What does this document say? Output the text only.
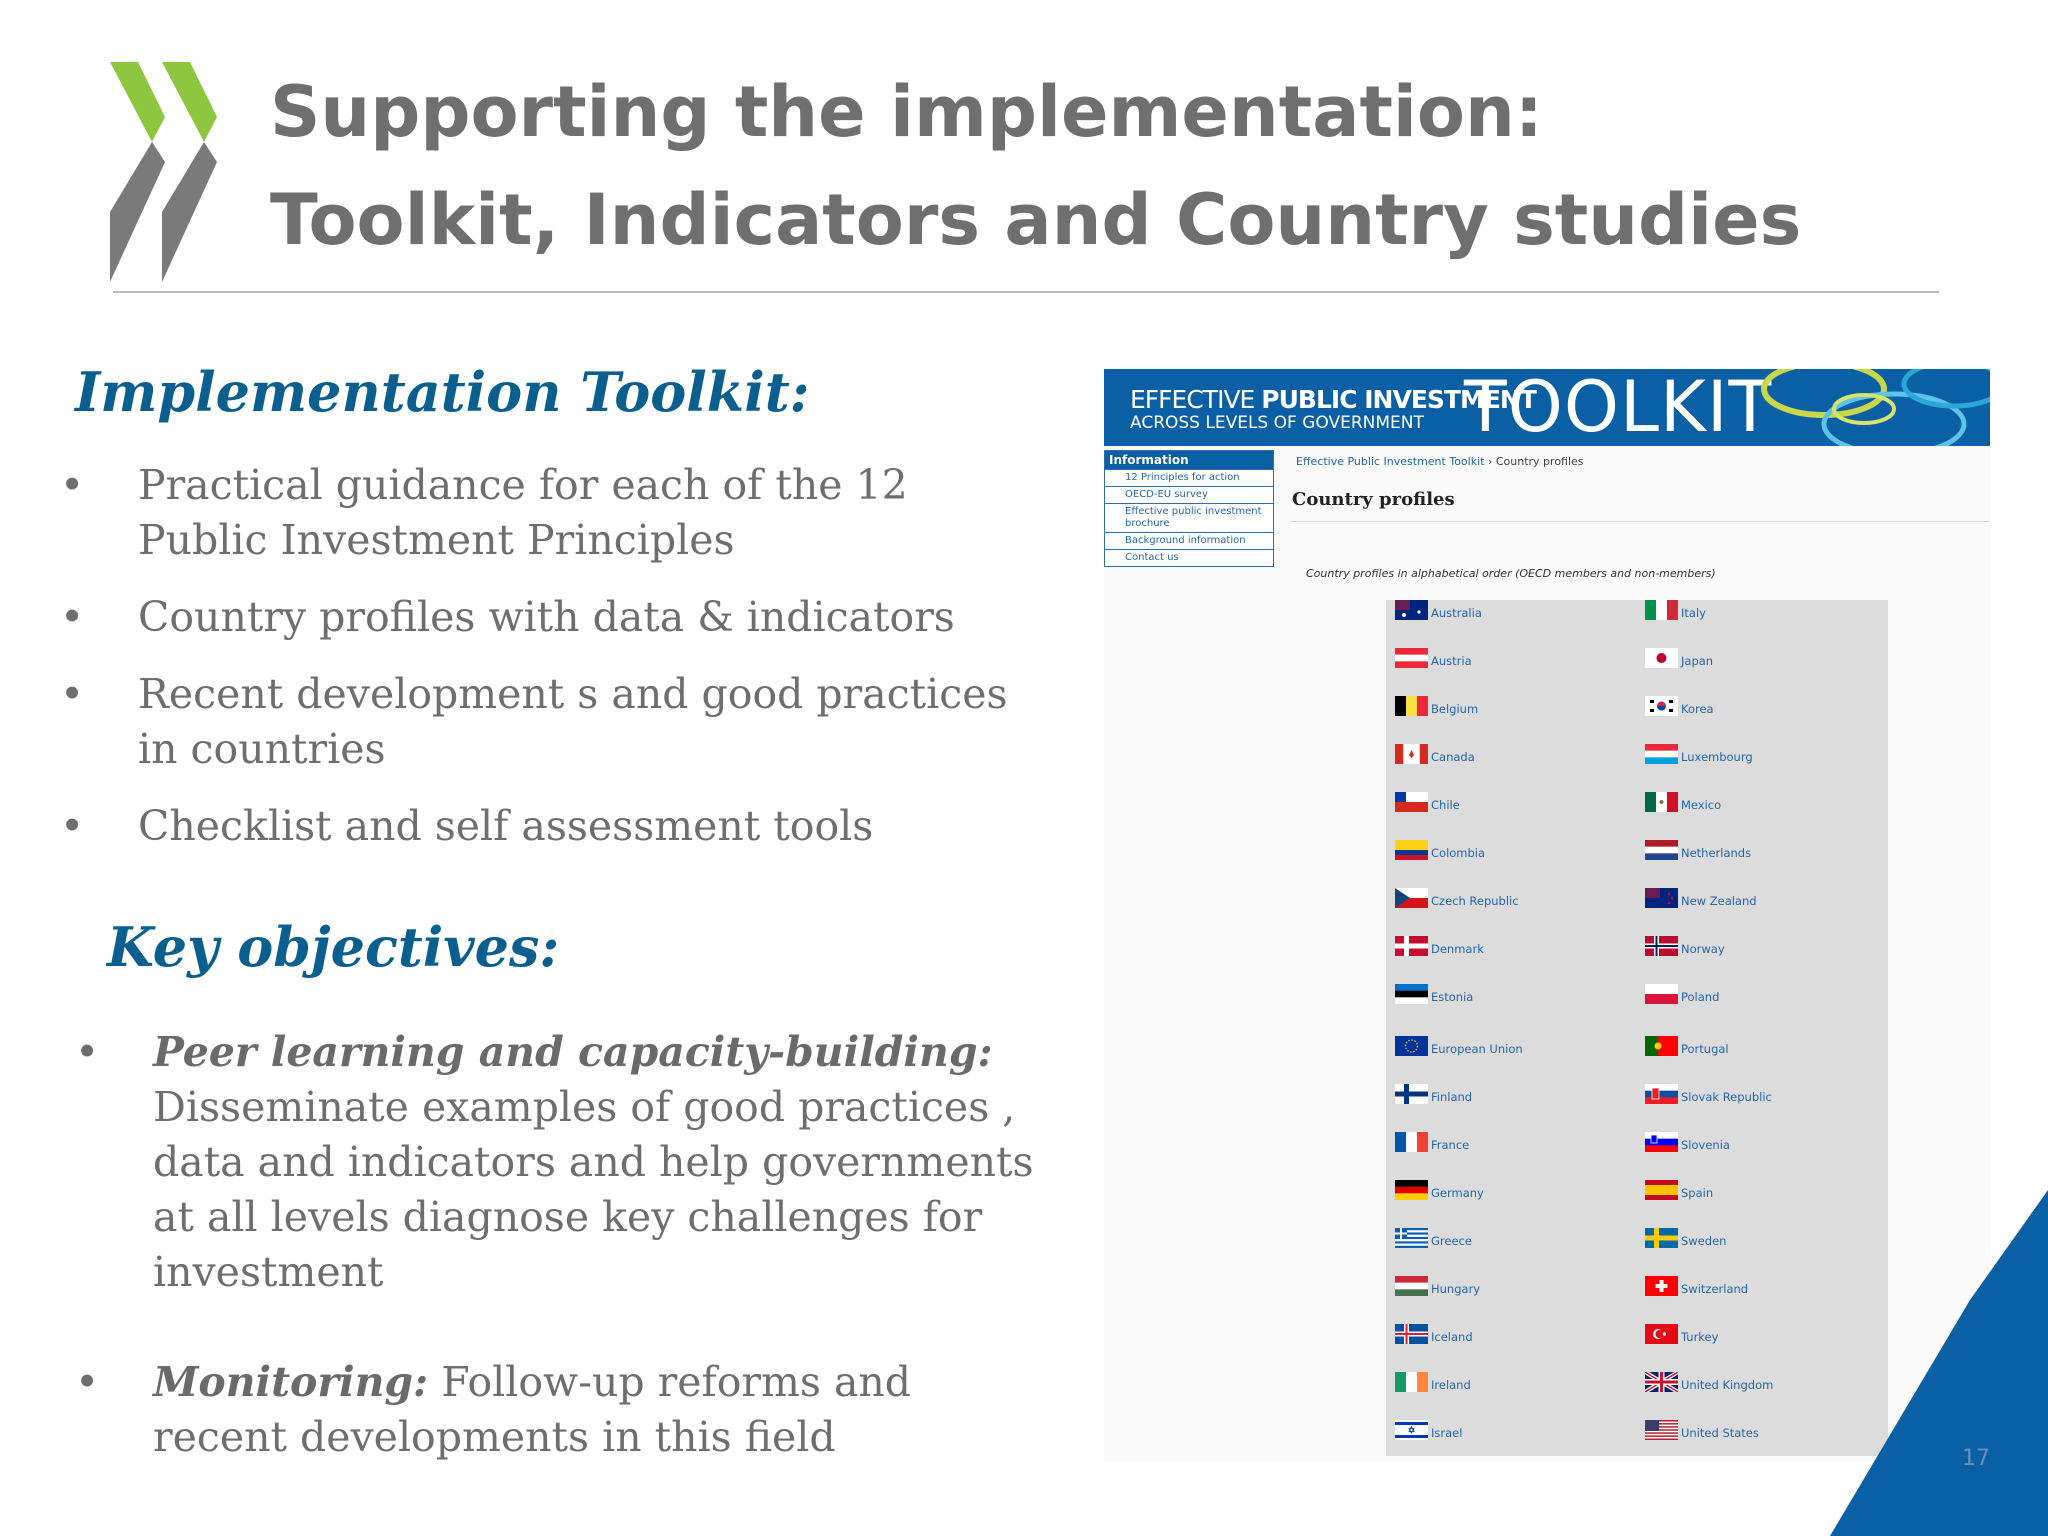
Supporting the implementation:
Toolkit, Indicators and Country studies
Implementation Toolkit:
• Practical guidance for each of the 12 Public Investment Principles
• Country profiles with data & indicators
• Recent development s and good practices in countries
• Checklist and self assessment tools
Key objectives:
• Peer learning and capacity-building:
Disseminate examples of good practices , data and indicators and help governments at all levels diagnose key challenges for investment
• Monitoring: Follow-up reforms and recent developments in this field
EFFECTIVE PUBLIC INVESTMENT
ACROSS LEVELS OF GOVERNMENT TOOLKIT
Information
12 Principles for action
OECD-EU survey
Effective public investment brochure
Background information
Contact us
Effective Public Investment Toolkit › Country profiles
Country profiles
Country profiles in alphabetical order (OECD members and non-members)
Australia
Austria
Belgium
Canada
Chile
Colombia
Czech Republic
Denmark
Estonia
European Union
Finland
France
Germany
Greece
Hungary
Iceland
Ireland
Israel
Italy
Japan
Korea
Luxembourg
Mexico
Netherlands
New Zealand
Norway
Poland
Portugal
Slovak Republic
Slovenia
Spain
Sweden
Switzerland
Turkey
United Kingdom
United States
17
